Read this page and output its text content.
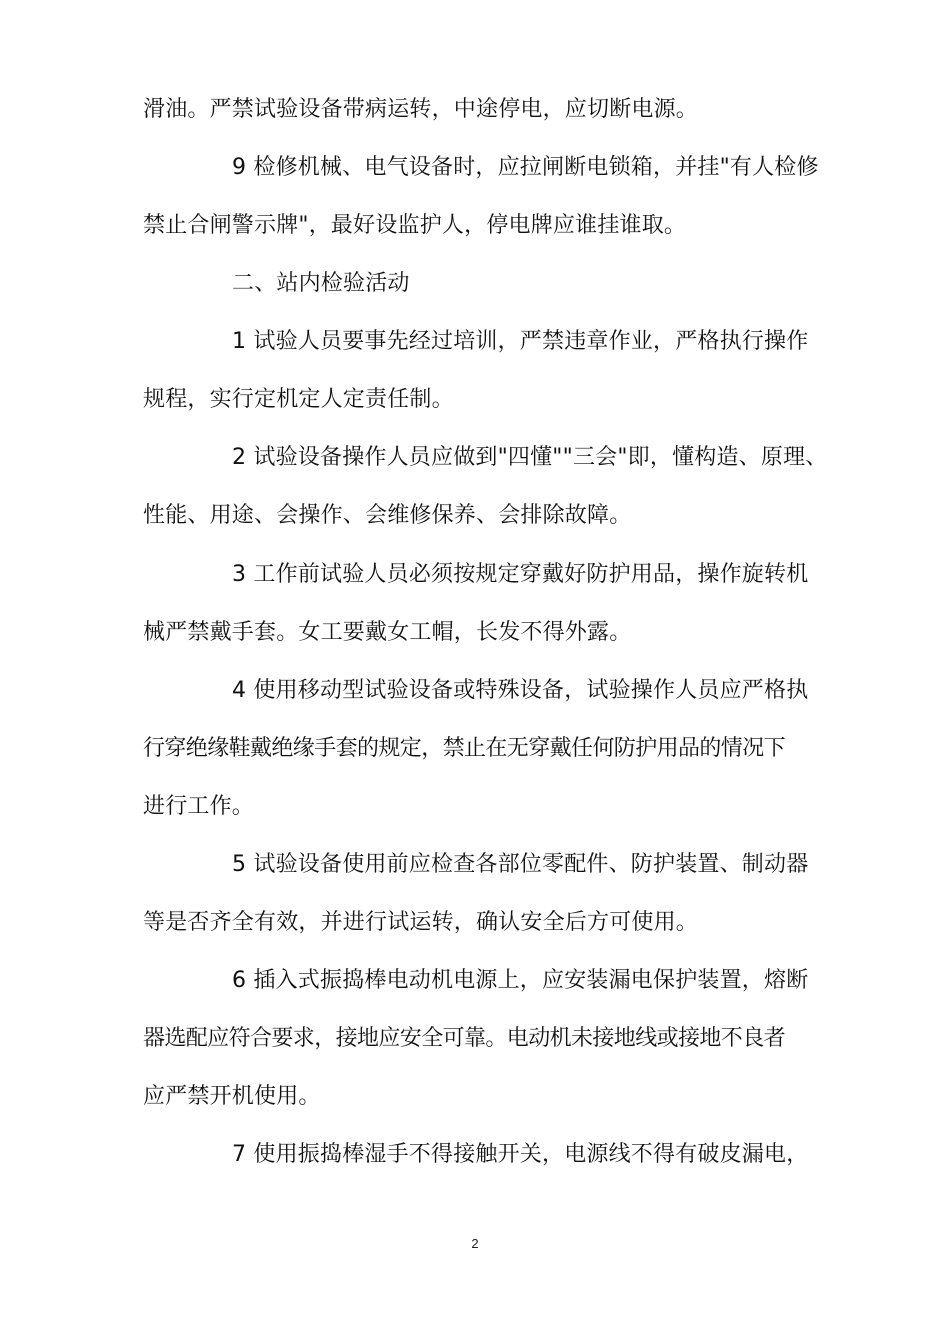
滑油。严禁试验设备带病运转，中途停电，应切断电源。
9 检修机械、电气设备时，应拉闸断电锁箱，并挂"有人检修
禁止合闸警示牌"，最好设监护人，停电牌应谁挂谁取。
二、站内检验活动
1 试验人员要事先经过培训，严禁违章作业，严格执行操作
规程，实行定机定人定责任制。
2 试验设备操作人员应做到"四懂""三会"即，懂构造、原理、
性能、用途、会操作、会维修保养、会排除故障。
3 工作前试验人员必须按规定穿戴好防护用品，操作旋转机
械严禁戴手套。女工要戴女工帽，长发不得外露。
4 使用移动型试验设备或特殊设备，试验操作人员应严格执
行穿绝缘鞋戴绝缘手套的规定，禁止在无穿戴任何防护用品的情况下
进行工作。
5 试验设备使用前应检查各部位零配件、防护装置、制动器
等是否齐全有效，并进行试运转，确认安全后方可使用。
6 插入式振捣棒电动机电源上，应安装漏电保护装置，熔断
器选配应符合要求，接地应安全可靠。电动机未接地线或接地不良者
应严禁开机使用。
7 使用振捣棒湿手不得接触开关，电源线不得有破皮漏电，
2
